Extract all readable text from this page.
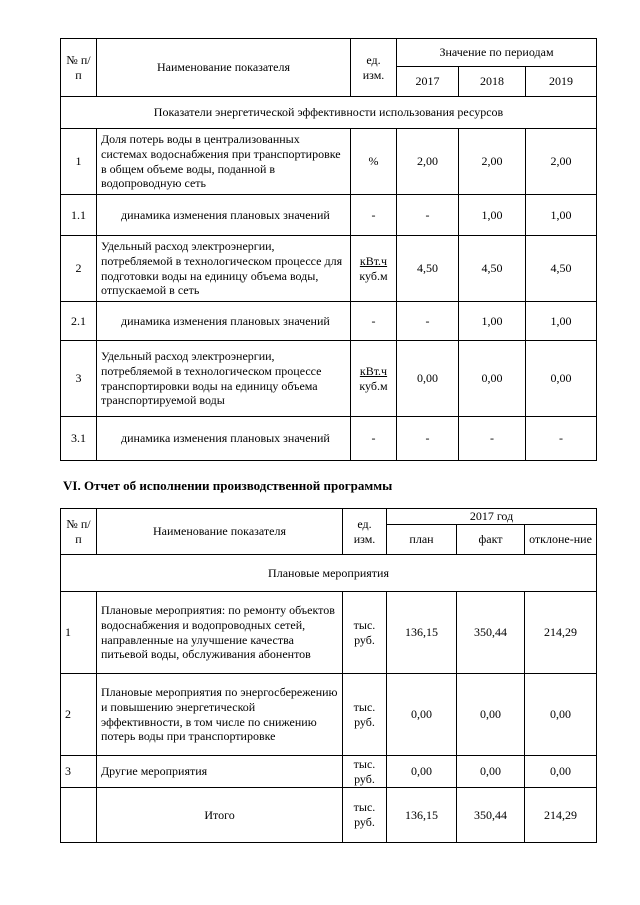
№ п/п	Наименование показателя	ед. изм.	Значение по периодам		
			2017	2018	2019
Показатели энергетической эффективности использования ресурсов					
1	Доля потерь воды в централизованных системах водоснабжения при транспортировке в общем объеме воды, поданной в водопроводную сеть	%	2,00	2,00	2,00
1.1	динамика изменения плановых значений	-	-	1,00	1,00
2	Удельный расход электроэнергии, потребляемой в технологическом процессе для подготовки воды на единицу объема воды, отпускаемой в сеть	$\frac{\text{кВт.ч}}{\text{куб.м}}$	4,50	4,50	4,50
2.1	динамика изменения плановых значений	-	-	1,00	1,00
3	Удельный расход электроэнергии, потребляемой в технологическом процессе транспортировки воды на единицу объема транспортируемой воды	$\frac{\text{кВт.ч}}{\text{куб.м}}$	0,00	0,00	0,00
3.1	динамика изменения плановых значений	-	-	-	-
VI. Отчет об исполнении производственной программы
№ п/п	Наименование показателя	ед. изм.	2017 год		
			план	факт	отклоне-ние
Плановые мероприятия					
1	Плановые мероприятия: по ремонту объектов водоснабжения и водопроводных сетей, направленные на улучшение качества питьевой воды, обслуживания абонентов	тыс. руб.	136,15	350,44	214,29
2	Плановые мероприятия по энергосбережению и повышению энергетической эффективности, в том числе по снижению потерь воды при транспортировке	тыс. руб.	0,00	0,00	0,00
3	Другие мероприятия	тыс. руб.	0,00	0,00	0,00
	Итого	тыс. руб.	136,15	350,44	214,29
